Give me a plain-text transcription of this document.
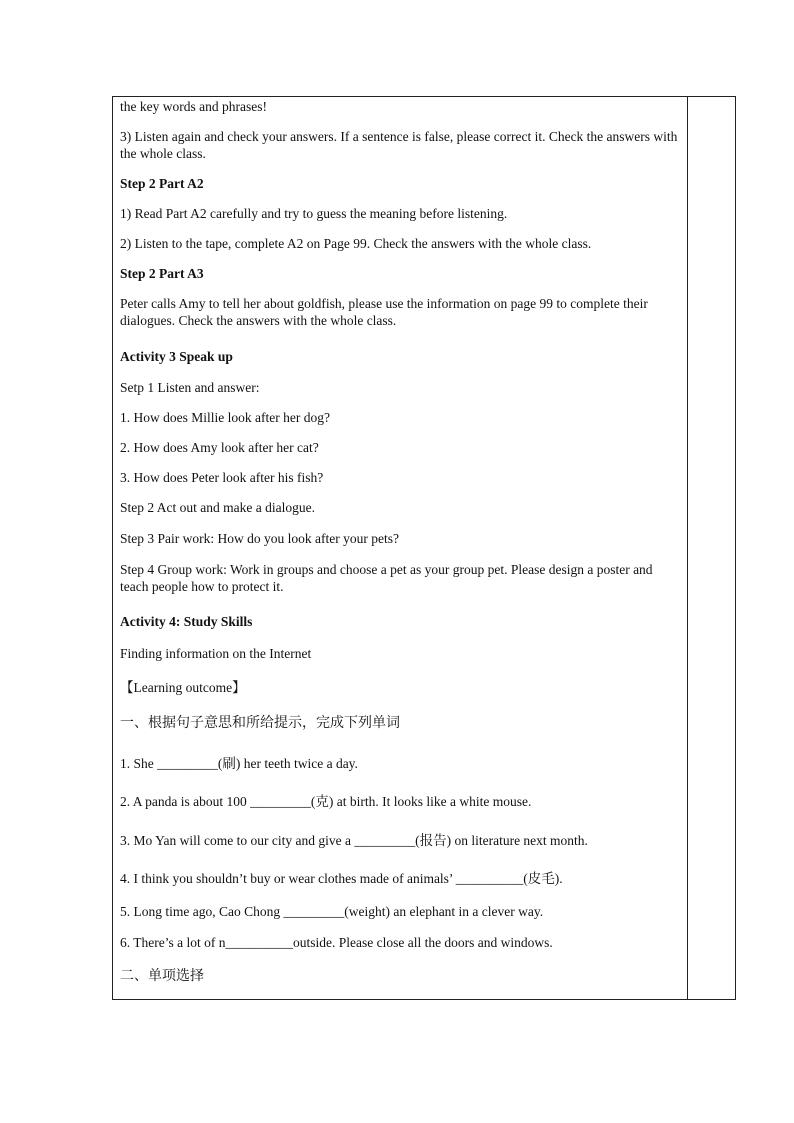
the key words and phrases!
3) Listen again and check your answers. If a sentence is false, please correct it. Check the answers with the whole class.
Step 2 Part A2
1) Read Part A2 carefully and try to guess the meaning before listening.
2) Listen to the tape, complete A2 on Page 99. Check the answers with the whole class.
Step 2 Part A3
Peter calls Amy to tell her about goldfish, please use the information on page 99 to complete their dialogues. Check the answers with the whole class.
Activity 3 Speak up
Setp 1 Listen and answer:
1. How does Millie look after her dog?
2. How does Amy look after her cat?
3. How does Peter look after his fish?
Step 2 Act out and make a dialogue.
Step 3 Pair work: How do you look after your pets?
Step 4 Group work: Work in groups and choose a pet as your group pet. Please design a poster and teach people how to protect it.
Activity 4: Study Skills
Finding information on the Internet
【Learning outcome】
一、根据句子意思和所给提示，完成下列单词
1. She _________(刷) her teeth twice a day.
2. A panda is about 100 _________(克) at birth. It looks like a white mouse.
3. Mo Yan will come to our city and give a _________(报告) on literature next month.
4. I think you shouldn’t buy or wear clothes made of animals’ __________(皮毛).
5. Long time ago, Cao Chong _________(weight) an elephant in a clever way.
6. There’s a lot of n__________outside. Please close all the doors and windows.
二、单项选择
